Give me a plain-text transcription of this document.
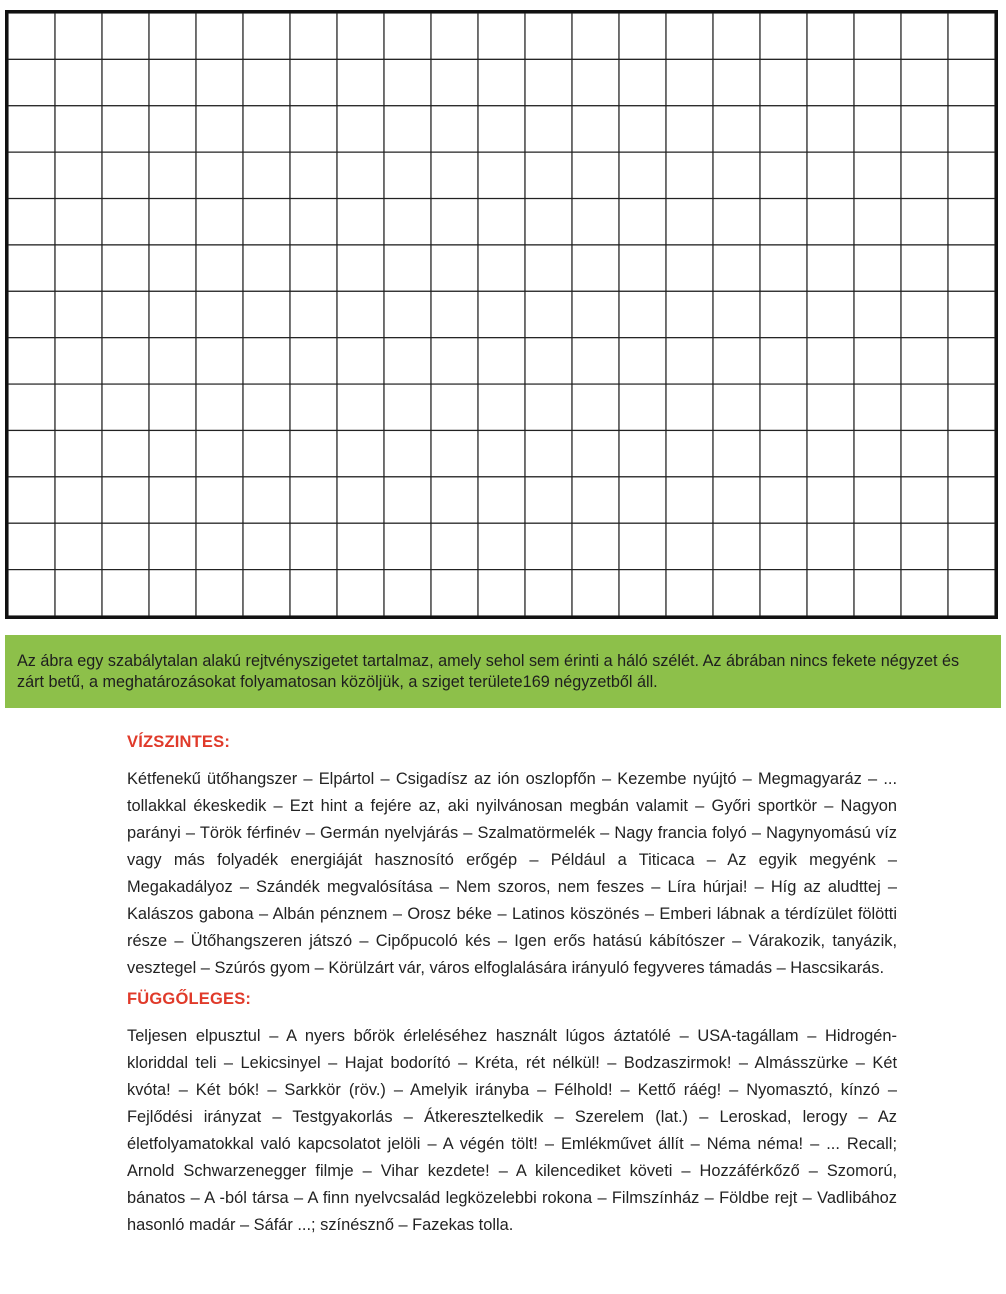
Az ábra egy szabálytalan alakú rejtvényszigetet tartalmaz, amely sehol sem érinti a háló szélét. Az ábrában nincs fekete négyzet és zárt betű, a meghatározásokat folyamatosan közöljük, a sziget területe169 négyzetből áll.
VÍZSZINTES:

Kétfenekű ütőhangszer – Elpártol – Csigadísz az ión oszlopfőn – Kezembe nyújtó – Megmagyaráz – ... tollakkal ékeskedik – Ezt hint a fejére az, aki nyilvánosan megbán valamit – Győri sportkör – Nagyon parányi – Török férfinév – Germán nyelvjárás – Szalmatörmelék – Nagy francia folyó – Nagynyomású víz vagy más folyadék energiáját hasznosító erőgép – Például a Titicaca – Az egyik megyénk – Megakadályoz – Szándék megvalósítása – Nem szoros, nem feszes – Líra húrjai! – Híg az aludttej – Kalászos gabona – Albán pénznem – Orosz béke – Latinos köszönés – Emberi lábnak a térdízület fölötti része – Ütőhangszeren játszó – Cipőpucoló kés – Igen erős hatású kábítószer – Várakozik, tanyázik, vesztegel – Szúrós gyom – Körülzárt vár, város elfoglalására irányuló fegyveres támadás – Hascsikarás.

FÜGGŐLEGES:

Teljesen elpusztul – A nyers bőrök érleléséhez használt lúgos áztatólé – USA-tagállam – Hidrogén-kloriddal teli – Lekicsinyel – Hajat bodorító – Kréta, rét nélkül! – Bodzaszirmok! – Almásszürke – Két kvóta! – Két bók! – Sarkkör (röv.) – Amelyik irányba – Félhold! – Kettő ráég! – Nyomasztó, kínzó – Fejlődési irányzat – Testgyakorlás – Átkeresztelkedik – Szerelem (lat.) – Leroskad, lerogy – Az életfolyamatokkal való kapcsolatot jelöli – A végén tölt! – Emlékművet állít – Néma néma! – ... Recall; Arnold Schwarzenegger filmje – Vihar kezdete! – A kilencediket követi – Hozzáférkőző – Szomorú, bánatos – A -ból társa – A finn nyelvcsalád legközelebbi rokona – Filmszínház – Földbe rejt – Vadlibához hasonló madár – Sáfár ...; színésznő – Fazekas tolla.
